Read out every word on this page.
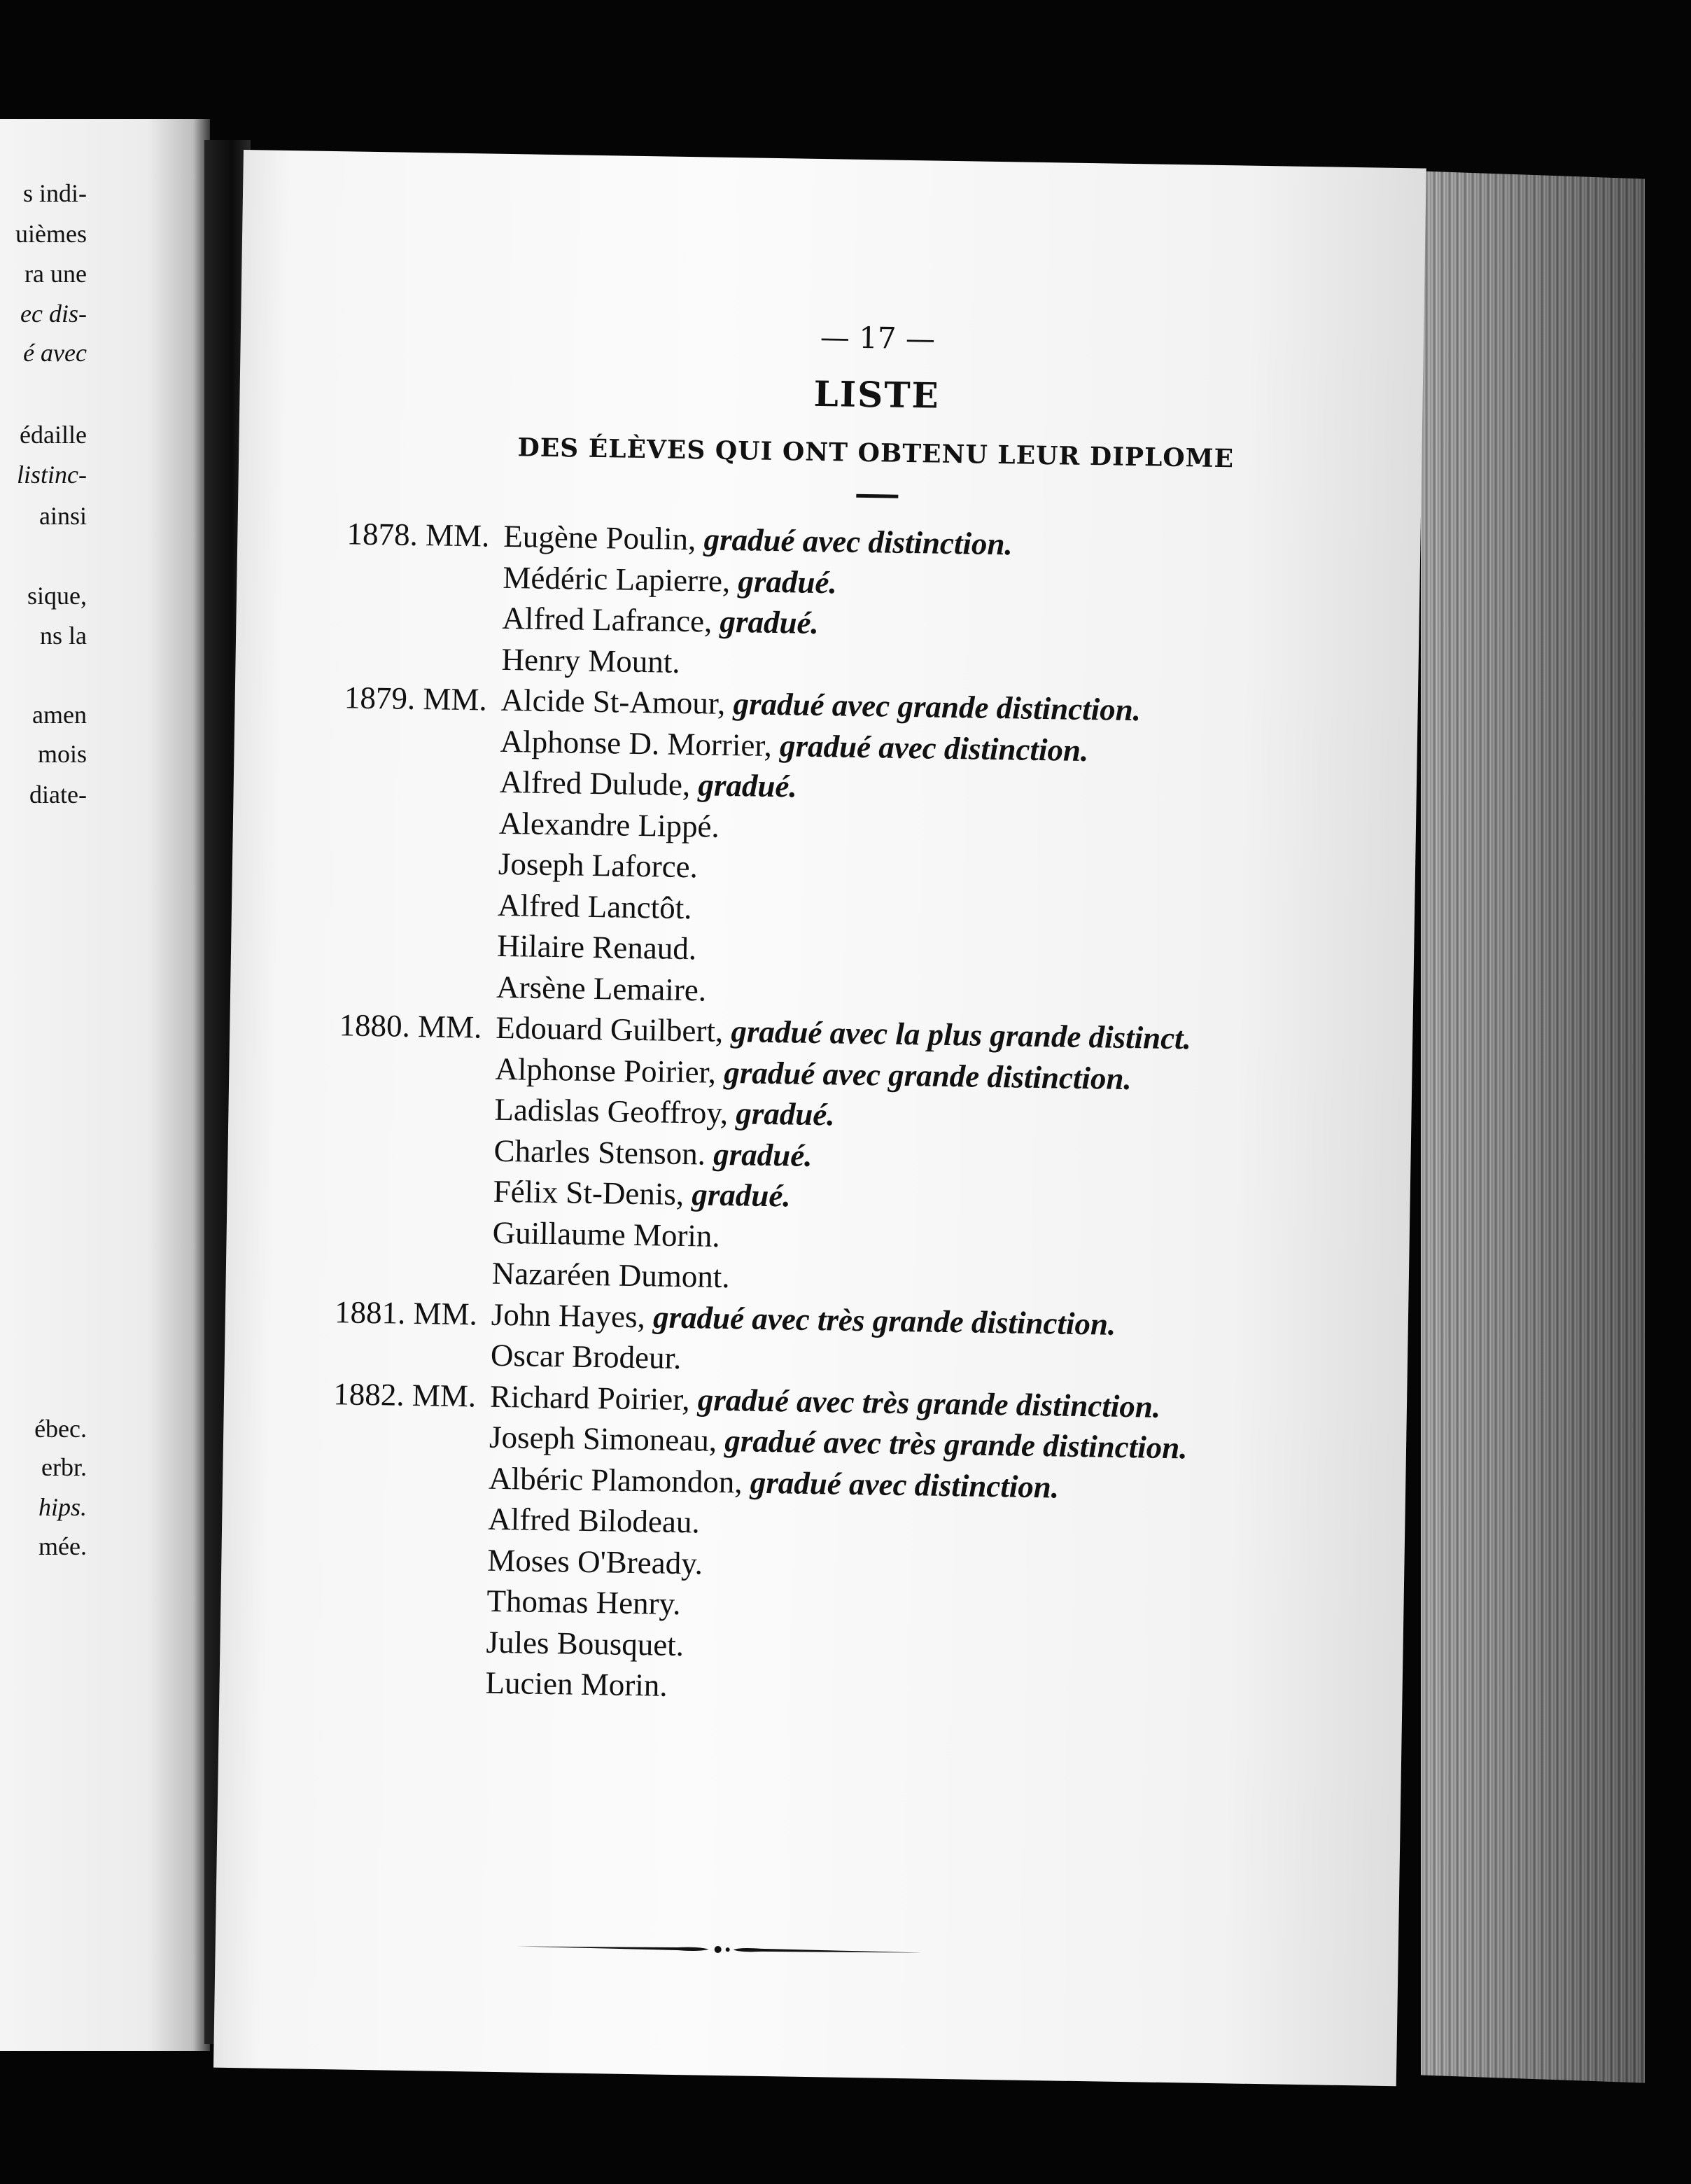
s indi-
uièmes
ra une
ec dis-
é avec
édaille
listinc-
ainsi
sique,
ns la
amen
mois
diate-
ébec.
erbr.
hips.
mée.
— 17 —
LISTE
DES ÉLÈVES QUI ONT OBTENU LEUR DIPLOME
1878. MM. Eugène Poulin, gradué avec distinction.
Médéric Lapierre, gradué.
Alfred Lafrance, gradué.
Henry Mount.
1879. MM. Alcide St-Amour, gradué avec grande distinction.
Alphonse D. Morrier, gradué avec distinction.
Alfred Dulude, gradué.
Alexandre Lippé.
Joseph Laforce.
Alfred Lanctôt.
Hilaire Renaud.
Arsène Lemaire.
1880. MM. Edouard Guilbert, gradué avec la plus grande distinct.
Alphonse Poirier, gradué avec grande distinction.
Ladislas Geoffroy, gradué.
Charles Stenson. gradué.
Félix St-Denis, gradué.
Guillaume Morin.
Nazaréen Dumont.
1881. MM. John Hayes, gradué avec très grande distinction.
Oscar Brodeur.
1882. MM. Richard Poirier, gradué avec très grande distinction.
Joseph Simoneau, gradué avec très grande distinction.
Albéric Plamondon, gradué avec distinction.
Alfred Bilodeau.
Moses O'Bready.
Thomas Henry.
Jules Bousquet.
Lucien Morin.
